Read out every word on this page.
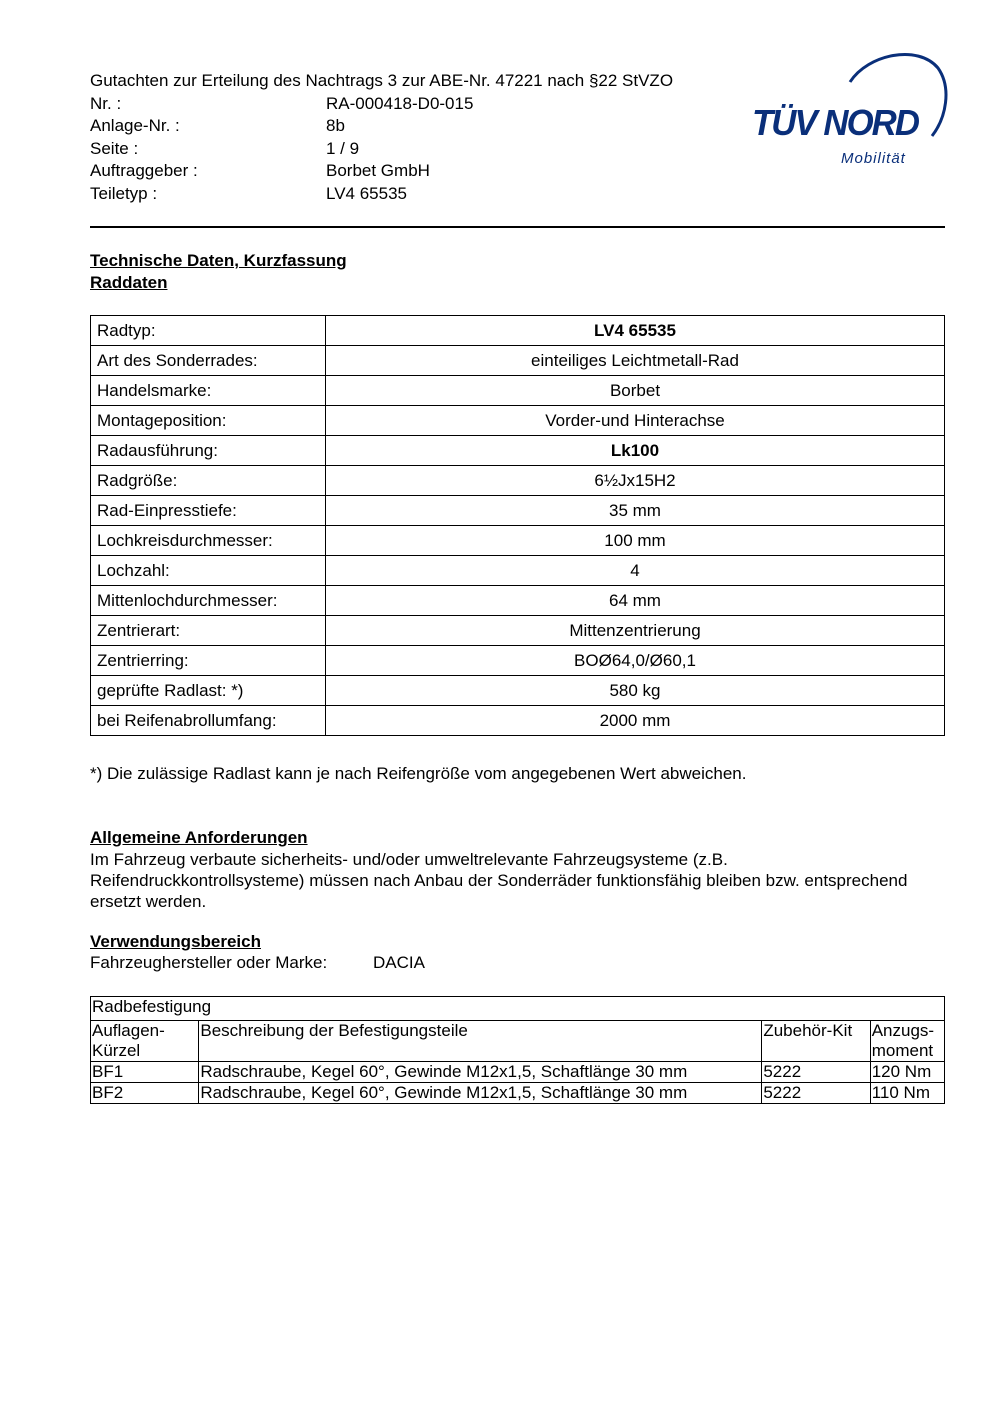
Gutachten zur Erteilung des Nachtrags 3 zur ABE-Nr. 47221 nach §22 StVZO
Nr. :	RA-000418-D0-015
Anlage-Nr. :	8b
Seite :	1 / 9
Auftraggeber :	Borbet GmbH
Teiletyp :	LV4 65535
TÜV NORD
Mobilität
Technische Daten, Kurzfassung
Raddaten
Radtyp:	LV4 65535
Art des Sonderrades:	einteiliges Leichtmetall-Rad
Handelsmarke:	Borbet
Montageposition:	Vorder-und Hinterachse
Radausführung:	Lk100
Radgröße:	6½Jx15H2
Rad-Einpresstiefe:	35 mm
Lochkreisdurchmesser:	100 mm
Lochzahl:	4
Mittenlochdurchmesser:	64 mm
Zentrierart:	Mittenzentrierung
Zentrierring:	BOØ64,0/Ø60,1
geprüfte Radlast: *)	580 kg
bei Reifenabrollumfang:	2000 mm
*) Die zulässige Radlast kann je nach Reifengröße vom angegebenen Wert abweichen.
Allgemeine Anforderungen
Im Fahrzeug verbaute sicherheits- und/oder umweltrelevante Fahrzeugsysteme (z.B. Reifendruckkontrollsysteme) müssen nach Anbau der Sonderräder funktionsfähig bleiben bzw. entsprechend ersetzt werden.
Verwendungsbereich
Fahrzeughersteller oder Marke:	DACIA
Radbefestigung			
Auflagen-Kürzel	Beschreibung der Befestigungsteile	Zubehör-Kit	Anzugs-moment
BF1	Radschraube, Kegel 60°, Gewinde M12x1,5, Schaftlänge 30 mm	5222	120 Nm
BF2	Radschraube, Kegel 60°, Gewinde M12x1,5, Schaftlänge 30 mm	5222	110 Nm
